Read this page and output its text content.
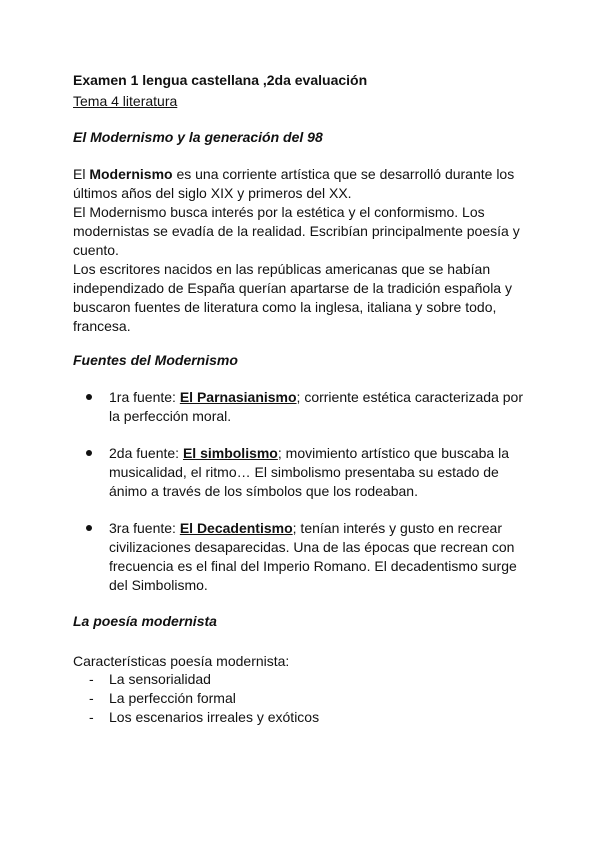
Examen 1 lengua castellana ,2da evaluación
Tema 4 literatura
El Modernismo y la generación del 98
El Modernismo es una corriente artística que se desarrolló durante los últimos años del siglo XIX y primeros del XX.
El Modernismo busca interés por la estética y el conformismo. Los modernistas se evadía de la realidad. Escribían principalmente poesía y cuento.
Los escritores nacidos en las repúblicas americanas que se habían independizado de España querían apartarse de la tradición española y buscaron fuentes de literatura como la inglesa, italiana y sobre todo, francesa.
Fuentes del Modernismo
1ra fuente: El Parnasianismo; corriente estética caracterizada por la perfección moral.
2da fuente: El simbolismo; movimiento artístico que buscaba la musicalidad, el ritmo… El simbolismo presentaba su estado de ánimo a través de los símbolos que los rodeaban.
3ra fuente: El Decadentismo; tenían interés y gusto en recrear civilizaciones desaparecidas. Una de las épocas que recrean con frecuencia es el final del Imperio Romano. El decadentismo surge del Simbolismo.
La poesía modernista
Características poesía modernista:
- La sensorialidad
- La perfección formal
- Los escenarios irreales y exóticos
